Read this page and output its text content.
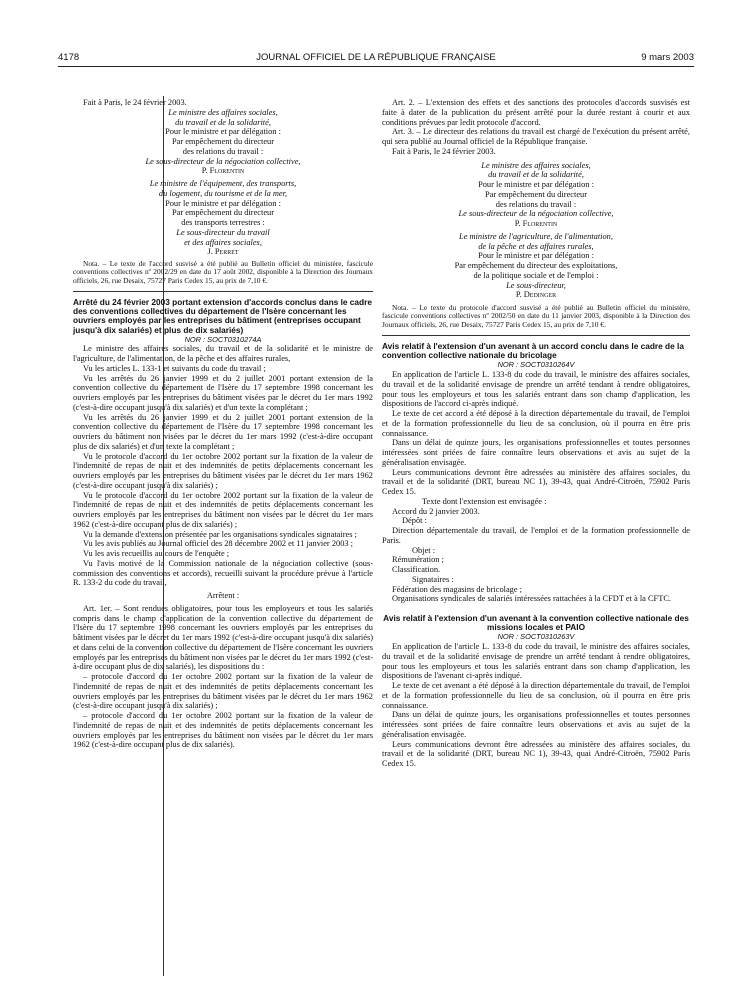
4178	JOURNAL OFFICIEL DE LA RÉPUBLIQUE FRANÇAISE	9 mars 2003

Fait à Paris, le 24 février 2003.

Le ministre des affaires sociales,

du travail et de la solidarité,

Pour le ministre et par délégation :

Par empêchement du directeur

des relations du travail :

Le sous-directeur de la négociation collective,

P. Florentin

Le ministre de l'équipement, des transports,

du logement, du tourisme et de la mer,

Pour le ministre et par délégation :

Par empêchement du directeur

des transports terrestres :

Le sous-directeur du travail

et des affaires sociales,

J. Perret

Nota. – Le texte de l'accord susvisé a été publié au Bulletin officiel du ministère, fascicule conventions collectives nº 2002/29 en date du 17 août 2002, disponible à la Direction des Journaux officiels, 26, rue Desaix, 75727 Paris Cedex 15, au prix de 7,10 €.

Arrêté du 24 février 2003 portant extension d'accords conclus dans le cadre des conventions collectives du département de l'Isère concernant les ouvriers employés par les entreprises du bâtiment (entreprises occupant jusqu'à dix salariés) et plus de dix salariés)

NOR : SOCT0310274A

Le ministre des affaires sociales, du travail et de la solidarité et le ministre de l'agriculture, de l'alimentation, de la pêche et des affaires rurales,

Vu les articles L. 133-1 et suivants du code du travail ;

Vu les arrêtés du 26 janvier 1999 et du 2 juillet 2001 portant extension de la convention collective du département de l'Isère du 17 septembre 1998 concernant les ouvriers employés par les entreprises du bâtiment visées par le décret du 1er mars 1992 (c'est-à-dire occupant jusqu'à dix salariés) et d'un texte la complétant ;

Vu les arrêtés du 26 janvier 1999 et du 2 juillet 2001 portant extension de la convention collective du département de l'Isère du 17 septembre 1998 concernant les ouvriers du bâtiment non visées par le décret du 1er mars 1992 (c'est-à-dire occupant plus de dix salariés) et d'un texte la complétant ;

Vu le protocole d'accord du 1er octobre 2002 portant sur la fixation de la valeur de l'indemnité de repas de nuit et des indemnités de petits déplacements concernant les ouvriers employés par les entreprises du bâtiment visées par le décret du 1er mars 1962 (c'est-à-dire occupant jusqu'à dix salariés) ;

Vu le protocole d'accord du 1er octobre 2002 portant sur la fixation de la valeur de l'indemnité de repas de nuit et des indemnités de petits déplacements concernant les ouvriers employés par les entreprises du bâtiment non visées par le décret du 1er mars 1962 (c'est-à-dire occupant plus de dix salariés) ;

Vu la demande d'extension présentée par les organisations syndicales signataires ;

Vu les avis publiés au Journal officiel des 28 décembre 2002 et 11 janvier 2003 ;

Vu les avis recueillis au cours de l'enquête ;

Vu l'avis motivé de la Commission nationale de la négociation collective (sous-commission des conventions et accords), recueilli suivant la procédure prévue à l'article R. 133-2 du code du travail,

Arrêtent :

Art. 1er. – Sont rendues obligatoires, pour tous les employeurs et tous les salariés compris dans le champ d'application de la convention collective du département de l'Isère du 17 septembre 1998 concernant les ouvriers employés par les entreprises du bâtiment visées par le décret du 1er mars 1992 (c'est-à-dire occupant jusqu'à dix salariés) et dans celui de la convention collective du département de l'Isère concernant les ouvriers employés par les entreprises du bâtiment non visées par le décret du 1er mars 1992 (c'est-à-dire occupant plus de dix salariés), les dispositions du :

– protocole d'accord du 1er octobre 2002 portant sur la fixation de la valeur de l'indemnité de repas de nuit et des indemnités de petits déplacements concernant les ouvriers employés par les entreprises du bâtiment visées par le décret du 1er mars 1962 (c'est-à-dire occupant jusqu'à dix salariés) ;

– protocole d'accord du 1er octobre 2002 portant sur la fixation de la valeur de l'indemnité de repas de nuit et des indemnités de petits déplacements concernant les ouvriers employés par les entreprises du bâtiment non visées par le décret du 1er mars 1962 (c'est-à-dire occupant plus de dix salariés).

Art. 2. – L'extension des effets et des sanctions des protocoles d'accords susvisés est faite à dater de la publication du présent arrêté pour la durée restant à courir et aux conditions prévues par ledit protocole d'accord.

Art. 3. – Le directeur des relations du travail est chargé de l'exécution du présent arrêté, qui sera publié au Journal officiel de la République française.

Fait à Paris, le 24 février 2003.

Le ministre des affaires sociales,

du travail et de la solidarité,

Pour le ministre et par délégation :

Par empêchement du directeur

des relations du travail :

Le sous-directeur de la négociation collective,

P. Florentin

Le ministre de l'agriculture, de l'alimentation,

de la pêche et des affaires rurales,

Pour le ministre et par délégation :

Par empêchement du directeur des exploitations,

de la politique sociale et de l'emploi :

Le sous-directeur,

P. Dedinger

Nota. – Le texte du protocole d'accord susvisé a été publié au Bulletin officiel du ministère, fascicule conventions collectives nº 2002/50 en date du 11 janvier 2003, disponible à la Direction des Journaux officiels, 26, rue Desaix, 75727 Paris Cedex 15, au prix de 7,10 €.

Avis relatif à l'extension d'un avenant à un accord conclu dans le cadre de la convention collective nationale du bricolage

NOR : SOCT0310264V

En application de l'article L. 133-8 du code du travail, le ministre des affaires sociales, du travail et de la solidarité envisage de prendre un arrêté tendant à rendre obligatoires, pour tous les employeurs et tous les salariés entrant dans son champ d'application, les dispositions de l'accord ci-après indiqué.

Le texte de cet accord a été déposé à la direction départementale du travail, de l'emploi et de la formation professionnelle du lieu de sa conclusion, où il pourra en être pris connaissance.

Dans un délai de quinze jours, les organisations professionnelles et toutes personnes intéressées sont priées de faire connaître leurs observations et avis au sujet de la généralisation envisagée.

Leurs communications devront être adressées au ministère des affaires sociales, du travail et de la solidarité (DRT, bureau NC 1), 39-43, quai André-Citroën, 75902 Paris Cedex 15.

Texte dont l'extension est envisagée :

Accord du 2 janvier 2003.

Dépôt :

Direction départementale du travail, de l'emploi et de la formation professionnelle de Paris.

Objet :

Rémunération ;

Classification.

Signataires :

Fédération des magasins de bricolage ;

Organisations syndicales de salariés intéressées rattachées à la CFDT et à la CFTC.

Avis relatif à l'extension d'un avenant à la convention collective nationale des missions locales et PAIO

NOR : SOCT0310263V

En application de l'article L. 133-8 du code du travail, le ministre des affaires sociales, du travail et de la solidarité envisage de prendre un arrêté tendant à rendre obligatoires, pour tous les employeurs et tous les salariés entrant dans son champ d'application, les dispositions de l'avenant ci-après indiqué.

Le texte de cet avenant a été déposé à la direction départementale du travail, de l'emploi et de la formation professionnelle du lieu de sa conclusion, où il pourra en être pris connaissance.

Dans un délai de quinze jours, les organisations professionnelles et toutes personnes intéressées sont priées de faire connaître leurs observations et avis au sujet de la généralisation envisagée.

Leurs communications devront être adressées au ministère des affaires sociales, du travail et de la solidarité (DRT, bureau NC 1), 39-43, quai André-Citroën, 75902 Paris Cedex 15.
